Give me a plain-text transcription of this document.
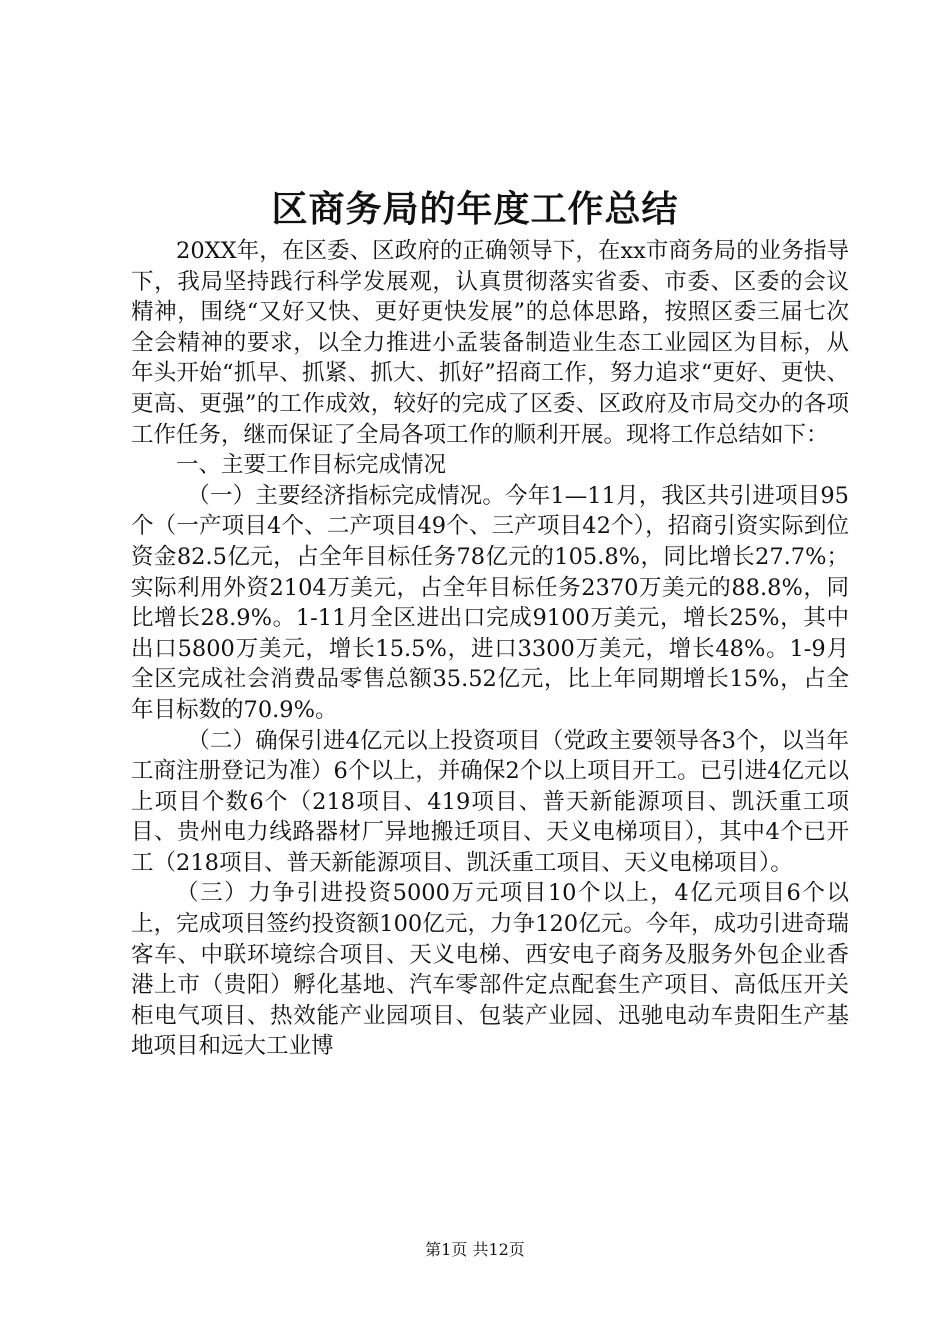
区商务局的年度工作总结

20XX年，在区委、区政府的正确领导下，在xx市商务局的业务指导下，我局坚持践行科学发展观，认真贯彻落实省委、市委、区委的会议精神，围绕“又好又快、更好更快发展”的总体思路，按照区委三届七次全会精神的要求，以全力推进小孟装备制造业生态工业园区为目标，从年头开始“抓早、抓紧、抓大、抓好”招商工作，努力追求“更好、更快、更高、更强”的工作成效，较好的完成了区委、区政府及市局交办的各项工作任务，继而保证了全局各项工作的顺利开展。现将工作总结如下：

一、主要工作目标完成情况

（一）主要经济指标完成情况。今年1—11月，我区共引进项目95个（一产项目4个、二产项目49个、三产项目42个），招商引资实际到位资金82.5亿元，占全年目标任务78亿元的105.8%，同比增长27.7%；实际利用外资2104万美元，占全年目标任务2370万美元的88.8%，同比增长28.9%。1-11月全区进出口完成9100万美元，增长25%，其中出口5800万美元，增长15.5%，进口3300万美元，增长48%。1-9月全区完成社会消费品零售总额35.52亿元，比上年同期增长15%，占全年目标数的70.9%。

（二）确保引进4亿元以上投资项目（党政主要领导各3个，以当年工商注册登记为准）6个以上，并确保2个以上项目开工。已引进4亿元以上项目个数6个（218项目、419项目、普天新能源项目、凯沃重工项目、贵州电力线路器材厂异地搬迁项目、天义电梯项目），其中4个已开工（218项目、普天新能源项目、凯沃重工项目、天义电梯项目）。

（三）力争引进投资5000万元项目10个以上，4亿元项目6个以上，完成项目签约投资额100亿元，力争120亿元。今年，成功引进奇瑞客车、中联环境综合项目、天义电梯、西安电子商务及服务外包企业香港上市（贵阳）孵化基地、汽车零部件定点配套生产项目、高低压开关柜电气项目、热效能产业园项目、包装产业园、迅驰电动车贵阳生产基地项目和远大工业博

第1页 共12页
